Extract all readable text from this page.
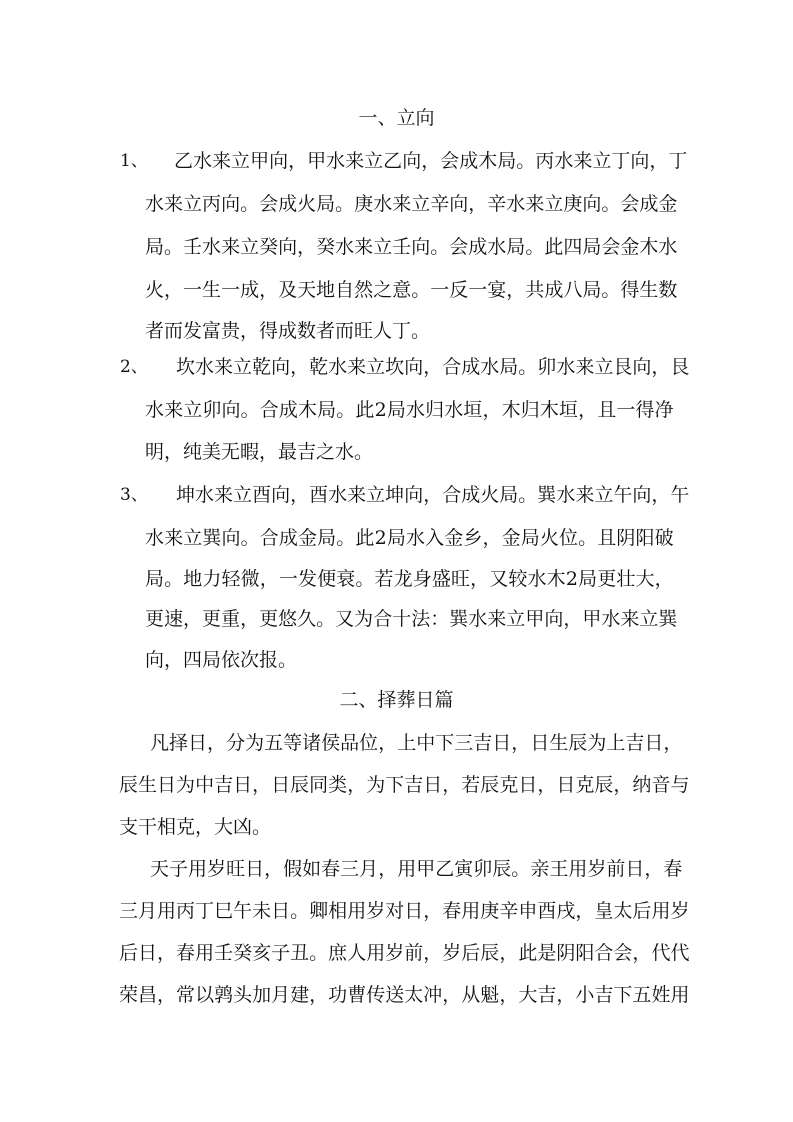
一、立向
1、 乙 水 来 立 甲 向 ， 甲 水 来 立 乙 向 ， 会 成 木 局 。 丙 水 来 立 丁 向 ， 丁
水 来 立 丙 向 。 会 成 火 局 。 庚 水 来 立 辛 向 ， 辛 水 来 立 庚 向 。 会 成 金
局 。 壬 水 来 立 癸 向 ， 癸 水 来 立 壬 向 。 会 成 水 局 。 此 四 局 会 金 木 水
火 ， 一 生 一 成 ， 及 天 地 自 然 之 意 。 一 反 一 宴 ， 共 成 八 局 。 得 生 数
者而发富贵，得成数者而旺人丁。
2、 坎 水 来 立 乾 向 ， 乾 水 来 立 坎 向 ， 合 成 水 局 。 卯 水 来 立 艮 向 ， 艮
水 来 立 卯 向 。 合 成 木 局 。 此 2 局 水 归 水 垣 ， 木 归 木 垣 ， 且 一 得 净
明，纯美无暇，最吉之水。
3、 坤 水 来 立 酉 向 ， 酉 水 来 立 坤 向 ， 合 成 火 局 。 巽 水 来 立 午 向 ， 午
水 来 立 巽 向 。 合 成 金 局 。 此 2 局 水 入 金 乡 ， 金 局 火 位 。 且 阴 阳 破
局 。 地 力 轻 微 ， 一 发 便 衰 。 若 龙 身 盛 旺 ， 又 较 水 木 2 局 更 壮 大 ，
更 速 ， 更 重 ， 更 悠 久 。 又 为 合 十 法 ： 巽 水 来 立 甲 向 ， 甲 水 来 立 巽
向，四局依次报。
二、择葬日篇
凡 择 日 ， 分 为 五 等 诸 侯 品 位 ， 上 中 下 三 吉 日 ， 日 生 辰 为 上 吉 日 ，
辰 生 日 为 中 吉 日 ， 日 辰 同 类 ， 为 下 吉 日 ， 若 辰 克 日 ， 日 克 辰 ， 纳 音 与
支干相克，大凶。
天 子 用 岁 旺 日 ， 假 如 春 三 月 ， 用 甲 乙 寅 卯 辰 。 亲 王 用 岁 前 日 ， 春
三 月 用 丙 丁 巳 午 未 日 。 卿 相 用 岁 对 日 ， 春 用 庚 辛 申 酉 戌 ， 皇 太 后 用 岁
后 日 ， 春 用 壬 癸 亥 子 丑 。 庶 人 用 岁 前 ， 岁 后 辰 ， 此 是 阴 阳 合 会 ， 代 代
荣 昌 ， 常 以 鹑 头 加 月 建 ， 功 曹 传 送 太 冲 ， 从 魁 ， 大 吉 ， 小 吉 下 五 姓 用
